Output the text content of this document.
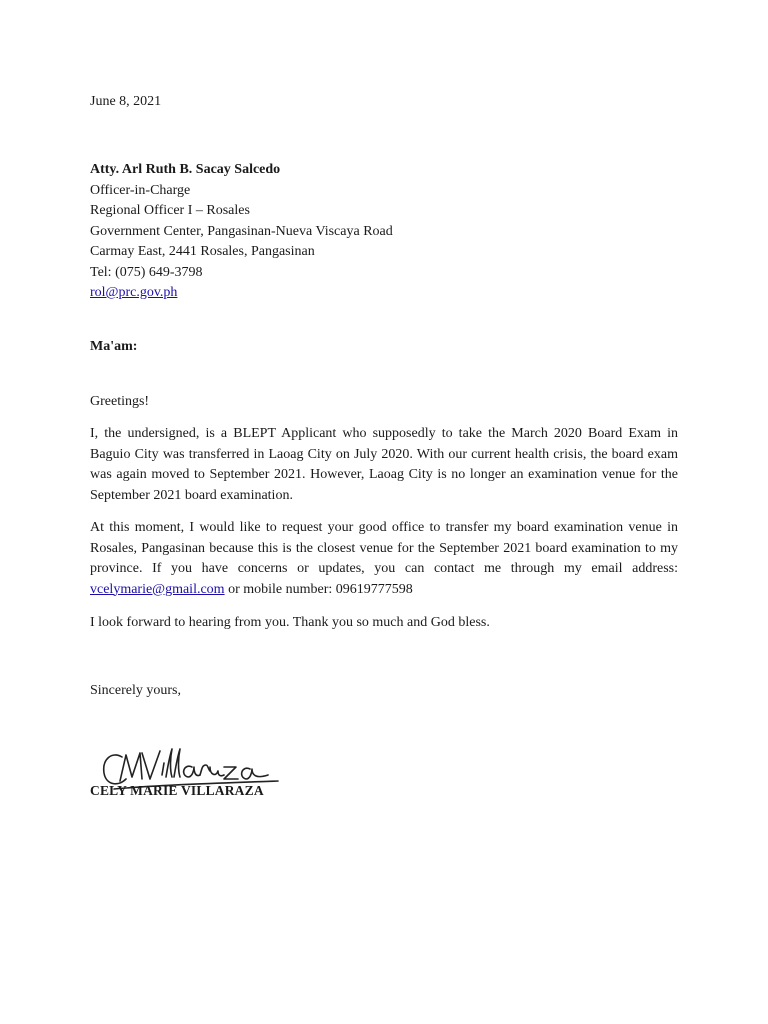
June 8, 2021
Atty. Arl Ruth B. Sacay Salcedo
Officer-in-Charge
Regional Officer I – Rosales
Government Center, Pangasinan-Nueva Viscaya Road
Carmay East, 2441 Rosales, Pangasinan
Tel: (075) 649-3798
rol@prc.gov.ph
Ma'am:
Greetings!
I, the undersigned, is a BLEPT Applicant who supposedly to take the March 2020 Board Exam in Baguio City was transferred in Laoag City on July 2020. With our current health crisis, the board exam was again moved to September 2021. However, Laoag City is no longer an examination venue for the September 2021 board examination.
At this moment, I would like to request your good office to transfer my board examination venue in Rosales, Pangasinan because this is the closest venue for the September 2021 board examination to my province. If you have concerns or updates, you can contact me through my email address: vcelymarie@gmail.com or mobile number: 09619777598
I look forward to hearing from you. Thank you so much and God bless.
Sincerely yours,
CELY MARIE VILLARAZA
